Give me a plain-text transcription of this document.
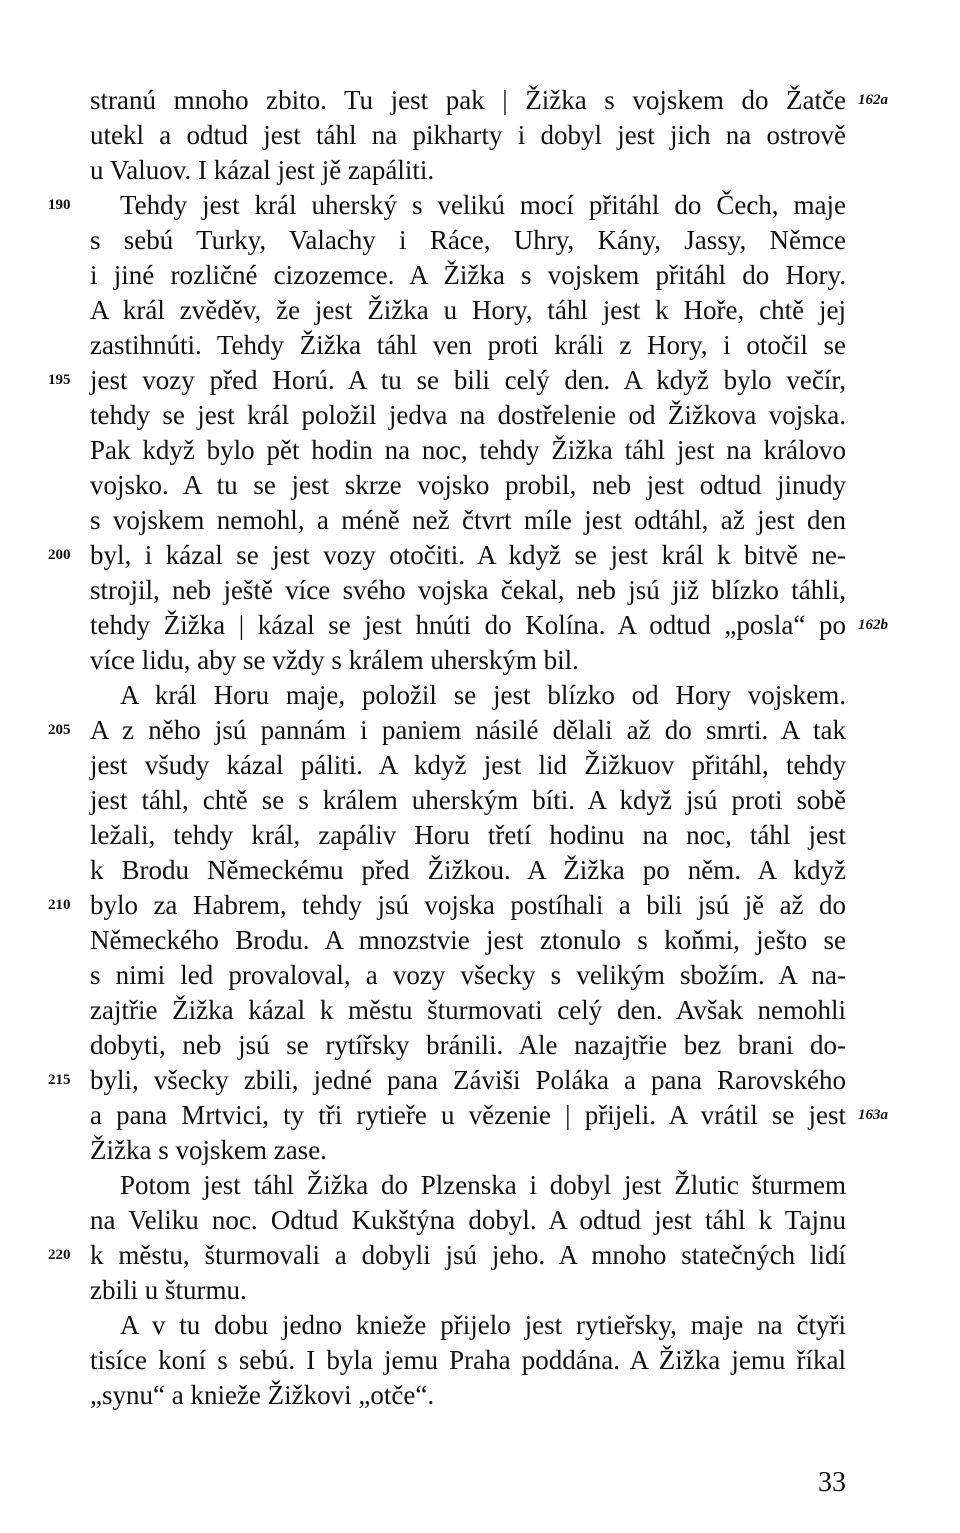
stranú mnoho zbito. Tu jest pak | Žižka s vojskem do Žatče
utekl a odtud jest táhl na pikharty i dobyl jest jich na ostrově
u Valuov. I kázal jest jě zapáliti.
Tehdy jest král uherský s velikú mocí přitáhl do Čech, maje
s sebú Turky, Valachy i Ráce, Uhry, Kány, Jassy, Němce
i jiné rozličné cizozemce. A Žižka s vojskem přitáhl do Hory.
A král zvěděv, že jest Žižka u Hory, táhl jest k Hoře, chtě jej
zastihnúti. Tehdy Žižka táhl ven proti králi z Hory, i otočil se
jest vozy před Horú. A tu se bili celý den. A když bylo večír,
tehdy se jest král položil jedva na dostřelenie od Žižkova vojska.
Pak když bylo pět hodin na noc, tehdy Žižka táhl jest na královo
vojsko. A tu se jest skrze vojsko probil, neb jest odtud jinudy
s vojskem nemohl, a méně než čtvrt míle jest odtáhl, až jest den
byl, i kázal se jest vozy otočiti. A když se jest král k bitvě ne-
strojil, neb ještě více svého vojska čekal, neb jsú již blízko táhli,
tehdy Žižka | kázal se jest hnúti do Kolína. A odtud „posla“ po
více lidu, aby se vždy s králem uherským bil.
A král Horu maje, položil se jest blízko od Hory vojskem.
A z něho jsú pannám i paniem násilé dělali až do smrti. A tak
jest všudy kázal páliti. A když jest lid Žižkuov přitáhl, tehdy
jest táhl, chtě se s králem uherským bíti. A když jsú proti sobě
ležali, tehdy král, zapáliv Horu třetí hodinu na noc, táhl jest
k Brodu Německému před Žižkou. A Žižka po něm. A když
bylo za Habrem, tehdy jsú vojska postíhali a bili jsú jě až do
Německého Brodu. A mnozstvie jest ztonulo s koňmi, ješto se
s nimi led provaloval, a vozy všecky s velikým sbožím. A na-
zajtřie Žižka kázal k městu šturmovati celý den. Avšak nemohli
dobyti, neb jsú se rytířsky bránili. Ale nazajtřie bez brani do-
byli, všecky zbili, jedné pana Záviši Poláka a pana Rarovského
a pana Mrtvici, ty tři rytieře u vězenie | přijeli. A vrátil se jest
Žižka s vojskem zase.
Potom jest táhl Žižka do Plzenska i dobyl jest Žlutic šturmem
na Veliku noc. Odtud Kukštýna dobyl. A odtud jest táhl k Tajnu
k městu, šturmovali a dobyli jsú jeho. A mnoho statečných lidí
zbili u šturmu.
A v tu dobu jedno knieže přijelo jest rytieřsky, maje na čtyři
tisíce koní s sebú. I byla jemu Praha poddána. A Žižka jemu říkal
„synu“ a knieže Žižkovi „otče“.
190
195
200
205
210
215
220
162a
162b
163a
33
